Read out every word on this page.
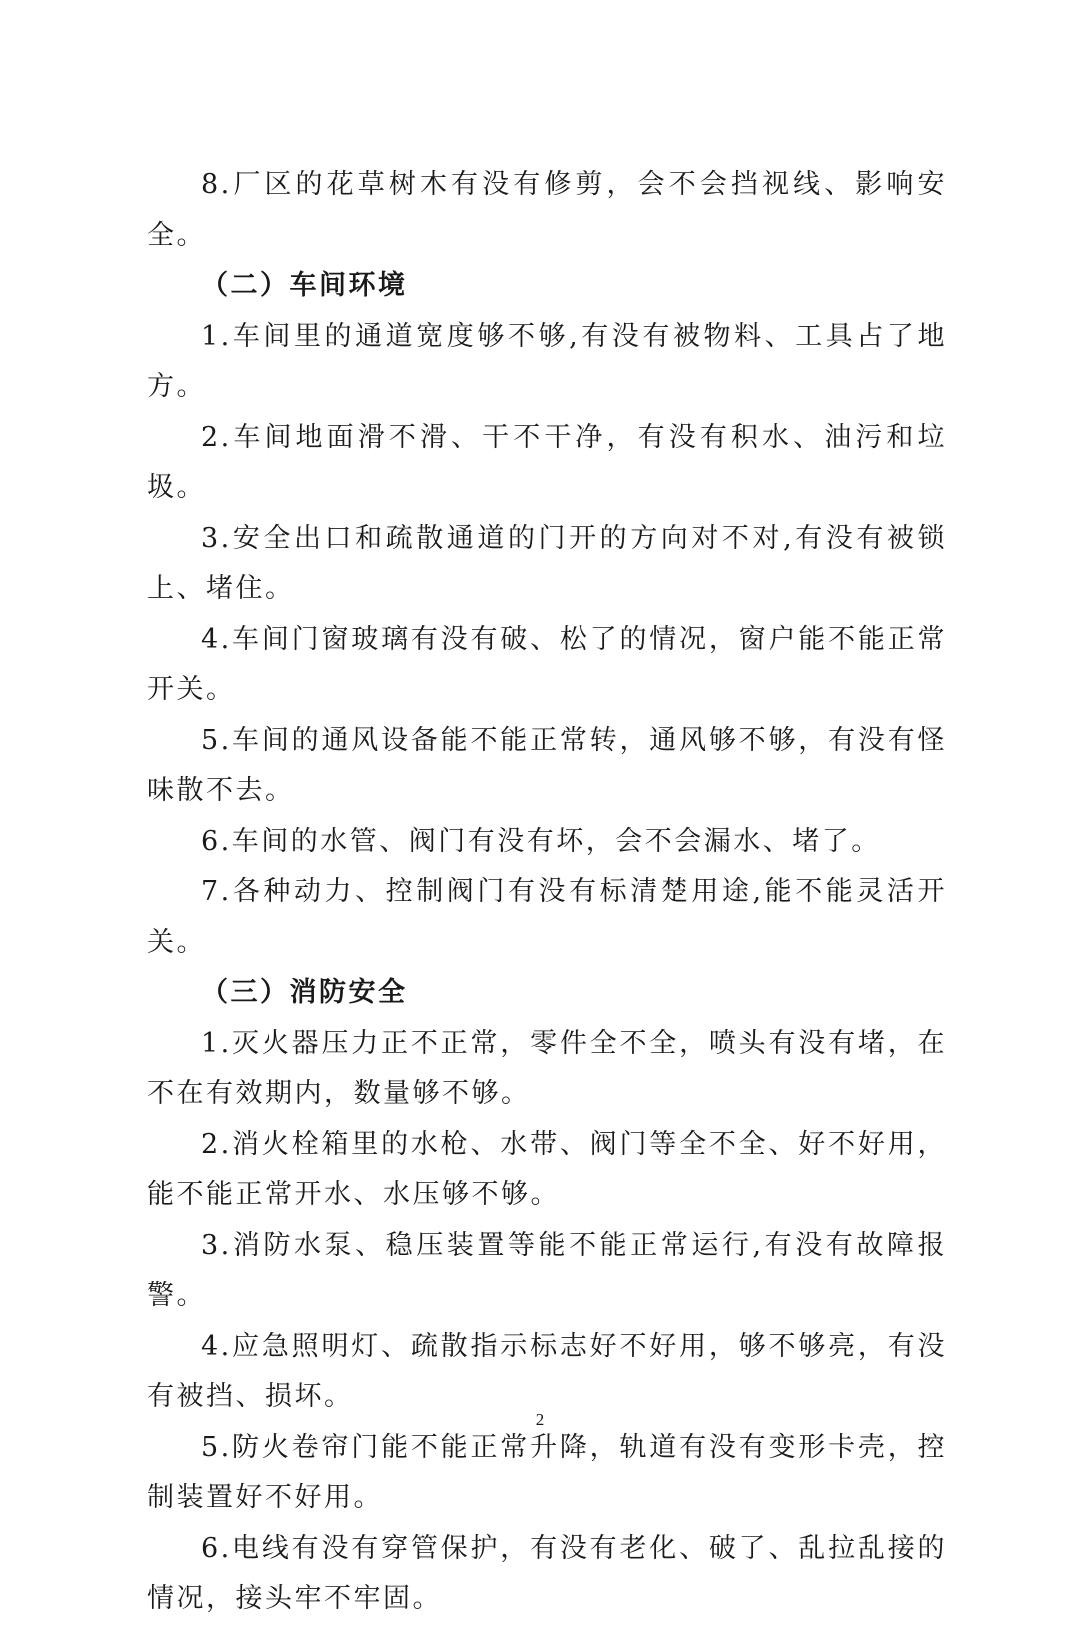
8.厂区的花草树木有没有修剪，会不会挡视线、影响安全。

（二）车间环境

1.车间里的通道宽度够不够,有没有被物料、工具占了地方。

2.车间地面滑不滑、干不干净，有没有积水、油污和垃圾。

3.安全出口和疏散通道的门开的方向对不对,有没有被锁上、堵住。

4.车间门窗玻璃有没有破、松了的情况，窗户能不能正常开关。

5.车间的通风设备能不能正常转，通风够不够，有没有怪味散不去。

6.车间的水管、阀门有没有坏，会不会漏水、堵了。

7.各种动力、控制阀门有没有标清楚用途,能不能灵活开关。

（三）消防安全

1.灭火器压力正不正常，零件全不全，喷头有没有堵，在不在有效期内，数量够不够。

2.消火栓箱里的水枪、水带、阀门等全不全、好不好用，能不能正常开水、水压够不够。

3.消防水泵、稳压装置等能不能正常运行,有没有故障报警。

4.应急照明灯、疏散指示标志好不好用，够不够亮，有没有被挡、损坏。

5.防火卷帘门能不能正常升降，轨道有没有变形卡壳，控制装置好不好用。

6.电线有没有穿管保护，有没有老化、破了、乱拉乱接的情况，接头牢不牢固。

2
